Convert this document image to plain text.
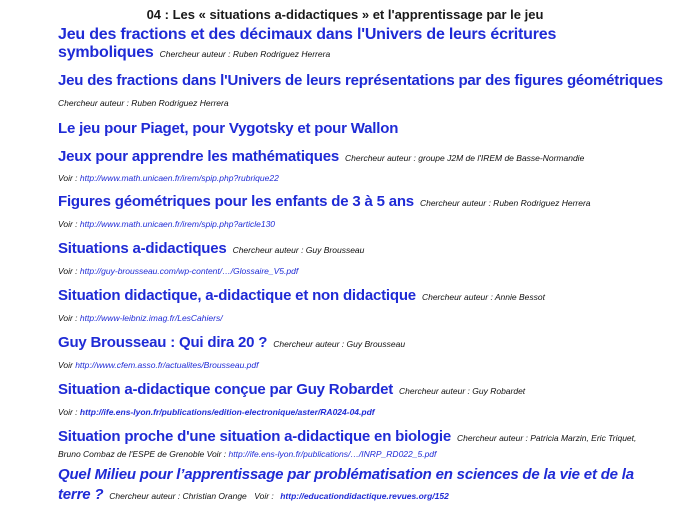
04 : Les « situations a-didactiques » et l'apprentissage par le jeu
Jeu des fractions et des décimaux dans l'Univers de leurs écritures
symboliques Chercheur auteur : Ruben Rodriguez Herrera
Jeu des fractions dans l'Univers de leurs représentations par des figures géométriques
Chercheur auteur : Ruben Rodriguez Herrera
Le jeu pour Piaget, pour Vygotsky et pour Wallon
Jeux pour apprendre les mathématiques Chercheur auteur : groupe J2M de l'IREM de Basse-Normandie
Voir : http://www.math.unicaen.fr/irem/spip.php?rubrique22
Figures géométriques pour les enfants de 3 à 5 ans Chercheur auteur : Ruben Rodriguez Herrera
Voir : http://www.math.unicaen.fr/irem/spip.php?article130
Situations a-didactiques Chercheur auteur : Guy Brousseau
Voir : http://guy-brousseau.com/wp-content/…/Glossaire_V5.pdf
Situation didactique, a-didactique et non didactique Chercheur auteur : Annie Bessot
Voir : http://www-leibniz.imag.fr/LesCahiers/
Guy Brousseau : Qui dira 20 ? Chercheur auteur : Guy Brousseau
Voir http://www.cfem.asso.fr/actualites/Brousseau.pdf
Situation a-didactique conçue par Guy Robardet Chercheur auteur : Guy Robardet
Voir : http://ife.ens-lyon.fr/publications/edition-electronique/aster/RA024-04.pdf
Situation proche d'une situation a-didactique en biologie Chercheur auteur : Patricia Marzin, Eric Triquet,
Bruno Combaz de l'ESPE de Grenoble Voir : http://ife.ens-lyon.fr/publications/…/INRP_RD022_5.pdf
Quel Milieu pour l’apprentissage par problématisation en sciences de la vie et de la
terre ? Chercheur auteur : Christian Orange Voir : http://educationdidactique.revues.org/152
